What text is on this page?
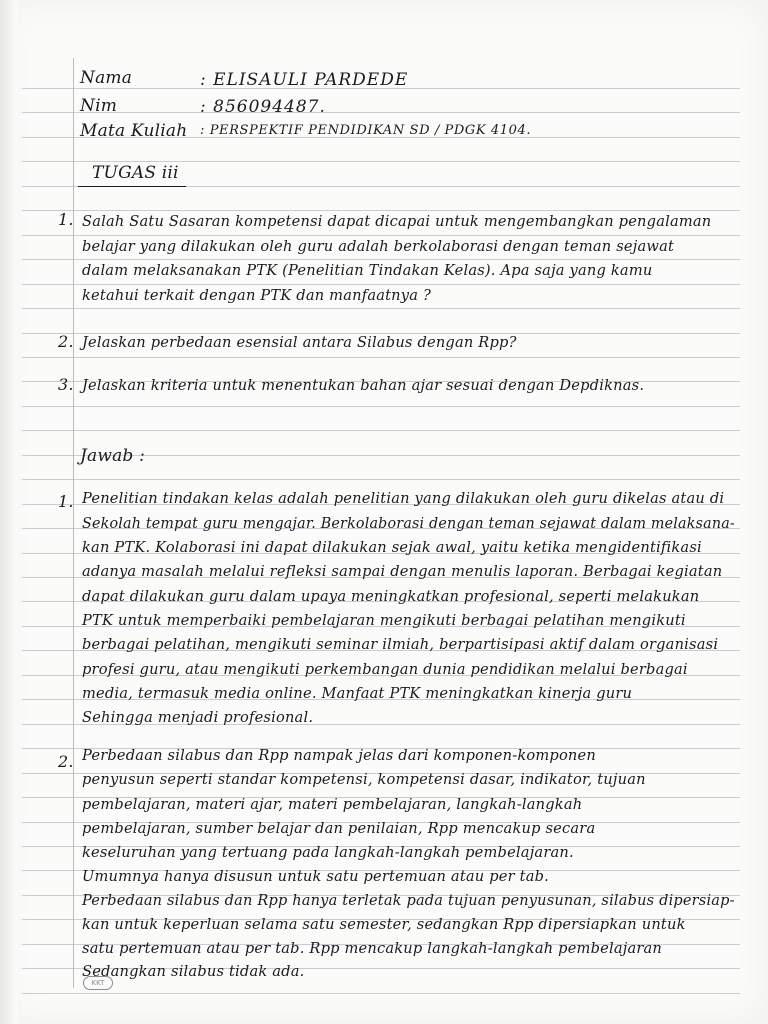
Nama	: ELISAULI PARDEDE
Nim	: 856094487.
Mata Kuliah : PERSPEKTIF PENDIDIKAN SD / PDGK 4104.
TUGAS iii
1. Salah Satu Sasaran kompetensi dapat dicapai untuk mengembangkan pengalaman
belajar yang dilakukan oleh guru adalah berkolaborasi dengan teman sejawat
dalam melaksanakan PTK (Penelitian Tindakan Kelas). Apa saja yang kamu
ketahui terkait dengan PTK dan manfaatnya ?
2. Jelaskan perbedaan esensial antara Silabus dengan Rpp?
3. Jelaskan kriteria untuk menentukan bahan ajar sesuai dengan Depdiknas.
Jawab :
1. Penelitian tindakan kelas adalah penelitian yang dilakukan oleh guru dikelas atau di
Sekolah tempat guru mengajar. Berkolaborasi dengan teman sejawat dalam melaksana-
kan PTK. Kolaborasi ini dapat dilakukan sejak awal, yaitu ketika mengidentifikasi
adanya masalah melalui refleksi sampai dengan menulis laporan. Berbagai kegiatan
dapat dilakukan guru dalam upaya meningkatkan profesional, seperti melakukan
PTK untuk memperbaiki pembelajaran mengikuti berbagai pelatihan mengikuti
berbagai pelatihan, mengikuti seminar ilmiah, berpartisipasi aktif dalam organisasi
profesi guru, atau mengikuti perkembangan dunia pendidikan melalui berbagai
media, termasuk media online. Manfaat PTK meningkatkan kinerja guru
Sehingga menjadi profesional.
2. Perbedaan silabus dan Rpp nampak jelas dari komponen-komponen
penyusun seperti standar kompetensi, kompetensi dasar, indikator, tujuan
pembelajaran, materi ajar, materi pembelajaran, langkah-langkah
pembelajaran, sumber belajar dan penilaian, Rpp mencakup secara
keseluruhan yang tertuang pada langkah-langkah pembelajaran.
Umumnya hanya disusun untuk satu pertemuan atau per tab.
Perbedaan silabus dan Rpp hanya terletak pada tujuan penyusunan, silabus dipersiap-
kan untuk keperluan selama satu semester, sedangkan Rpp dipersiapkan untuk
satu pertemuan atau per tab. Rpp mencakup langkah-langkah pembelajaran
Sedangkan silabus tidak ada.
KKT
